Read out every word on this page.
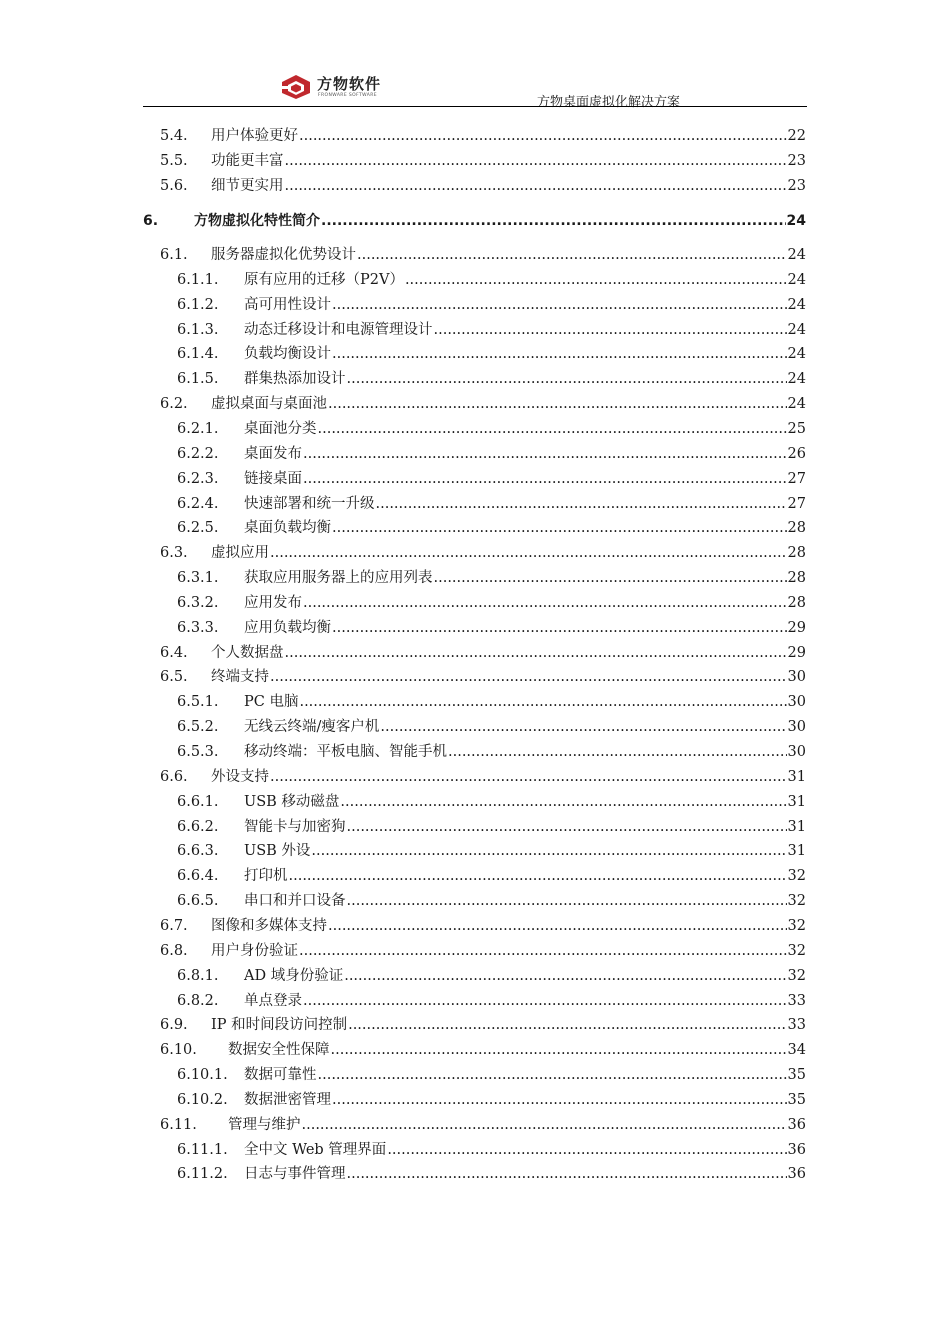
方物软件
FRONWARE SOFTWARE	方物桌面虚拟化解决方案
5.4. 用户体验更好 .....	22
5.5. 功能更丰富 .....	23
5.6. 细节更实用 .....	23
6.	方物虚拟化特性简介 .....	24
6.1. 服务器虚拟化优势设计 .....	24
6.1.1. 原有应用的迁移（P2V） .....	24
6.1.2. 高可用性设计 .....	24
6.1.3. 动态迁移设计和电源管理设计 .....	24
6.1.4. 负载均衡设计 .....	24
6.1.5. 群集热添加设计 .....	24
6.2. 虚拟桌面与桌面池 .....	24
6.2.1. 桌面池分类 .....	25
6.2.2. 桌面发布 .....	26
6.2.3. 链接桌面 .....	27
6.2.4. 快速部署和统一升级 .....	27
6.2.5. 桌面负载均衡 .....	28
6.3. 虚拟应用 .....	28
6.3.1. 获取应用服务器上的应用列表 .....	28
6.3.2. 应用发布 .....	28
6.3.3. 应用负载均衡 .....	29
6.4. 个人数据盘 .....	29
6.5. 终端支持 .....	30
6.5.1. PC 电脑 .....	30
6.5.2. 无线云终端/瘦客户机 .....	30
6.5.3. 移动终端：平板电脑、智能手机 .....	30
6.6. 外设支持 .....	31
6.6.1. USB 移动磁盘 .....	31
6.6.2. 智能卡与加密狗 .....	31
6.6.3. USB 外设 .....	31
6.6.4. 打印机 .....	32
6.6.5. 串口和并口设备 .....	32
6.7. 图像和多媒体支持 .....	32
6.8. 用户身份验证 .....	32
6.8.1. AD 域身份验证 .....	32
6.8.2. 单点登录 .....	33
6.9. IP 和时间段访问控制 .....	33
6.10. 数据安全性保障 .....	34
6.10.1. 数据可靠性 .....	35
6.10.2. 数据泄密管理 .....	35
6.11. 管理与维护 .....	36
6.11.1. 全中文 Web 管理界面 .....	36
6.11.2. 日志与事件管理 .....	36
